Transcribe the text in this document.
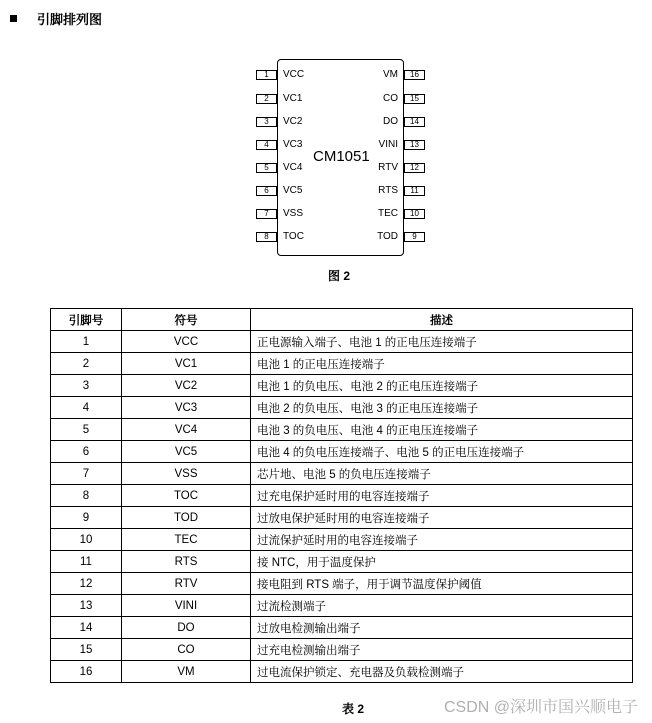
引脚排列图
CM1051
1	VCC
2	VC1
3	VC2
4	VC3
5	VC4
6	VC5
7	VSS
8	TOC
16
VM
15
CO
14
DO
13
VINI
12
RTV
11
RTS
10
TEC
9
TOD
图 2
引脚号	符号	描述
1	VCC	正电源输入端子、电池 1 的正电压连接端子
2	VC1	电池 1 的正电压连接端子
3	VC2	电池 1 的负电压、电池 2 的正电压连接端子
4	VC3	电池 2 的负电压、电池 3 的正电压连接端子
5	VC4	电池 3 的负电压、电池 4 的正电压连接端子
6	VC5	电池 4 的负电压连接端子、电池 5 的正电压连接端子
7	VSS	芯片地、电池 5 的负电压连接端子
8	TOC	过充电保护延时用的电容连接端子
9	TOD	过放电保护延时用的电容连接端子
10	TEC	过流保护延时用的电容连接端子
11	RTS	接 NTC，用于温度保护
12	RTV	接电阻到 RTS 端子，用于调节温度保护阈值
13	VINI	过流检测端子
14	DO	过放电检测输出端子
15	CO	过充电检测输出端子
16	VM	过电流保护锁定、充电器及负载检测端子
表 2	CSDN @深圳市国兴顺电子
